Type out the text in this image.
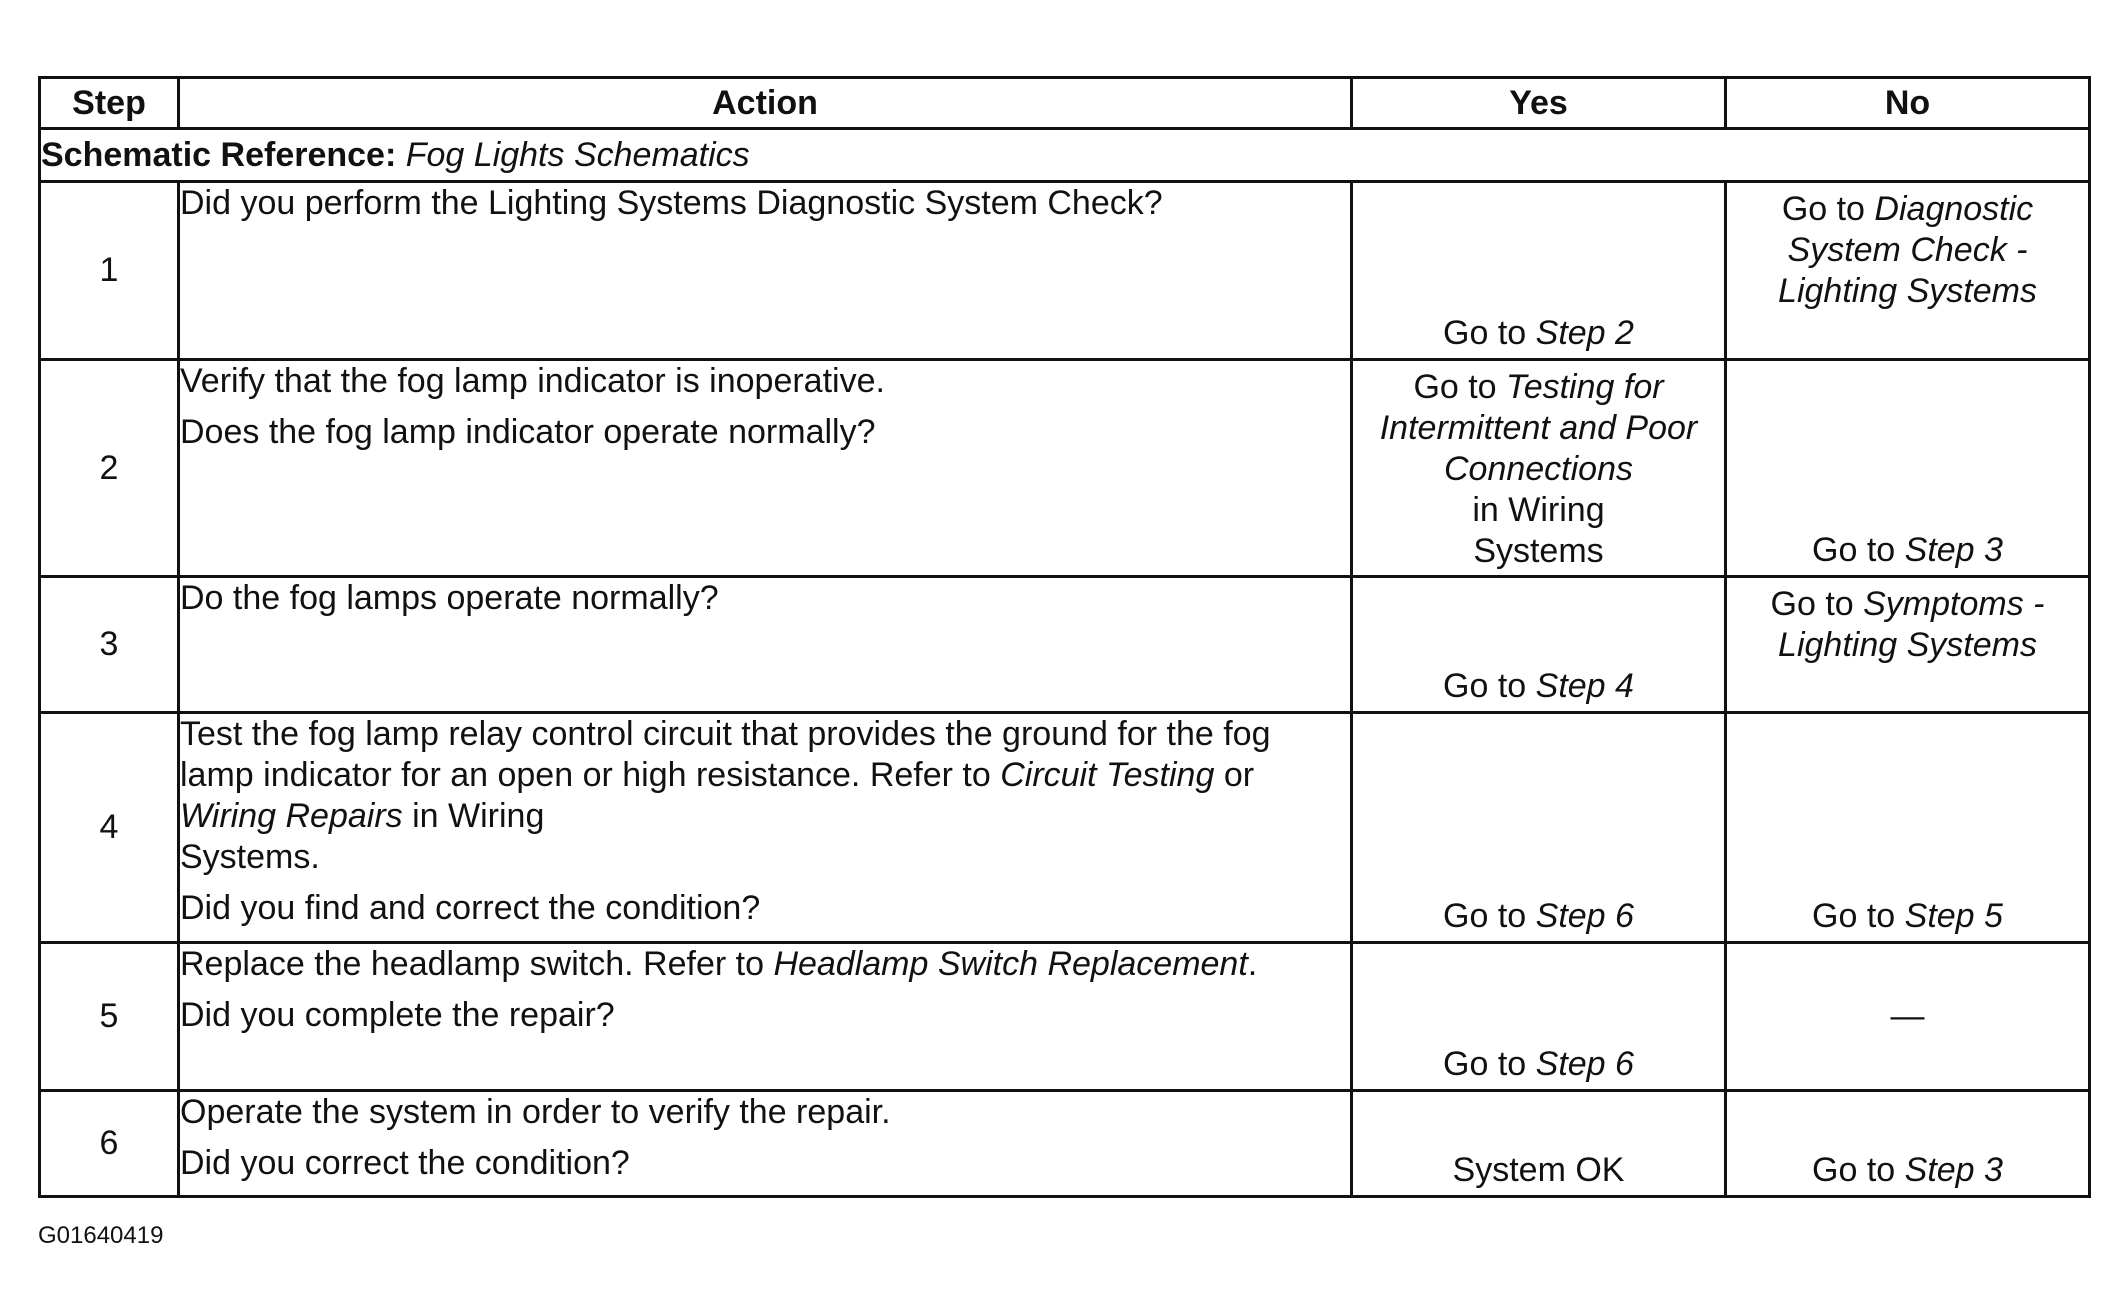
Step	Action	Yes	No
Schematic Reference: Fog Lights Schematics			
1	Did you perform the Lighting Systems Diagnostic System Check?	Go to Step 2	Go to Diagnostic
System Check -
Lighting Systems

2	Verify that the fog lamp indicator is inoperative.
Does the fog lamp indicator operate normally?	Go to Testing for
Intermittent and Poor
Connections
in Wiring
Systems	Go to Step 3

3	Do the fog lamps operate normally?	Go to Step 4	Go to Symptoms -
Lighting Systems

4	Test the fog lamp relay control circuit that provides the ground for the fog lamp indicator for an open or high resistance. Refer to Circuit Testing or Wiring Repairs in Wiring
Systems.
Did you find and correct the condition?	Go to Step 6	Go to Step 5

5	Replace the headlamp switch. Refer to Headlamp Switch Replacement.
Did you complete the repair?	Go to Step 6	—
6	Operate the system in order to verify the repair.
Did you correct the condition?	System OK	Go to Step 3
G01640419
